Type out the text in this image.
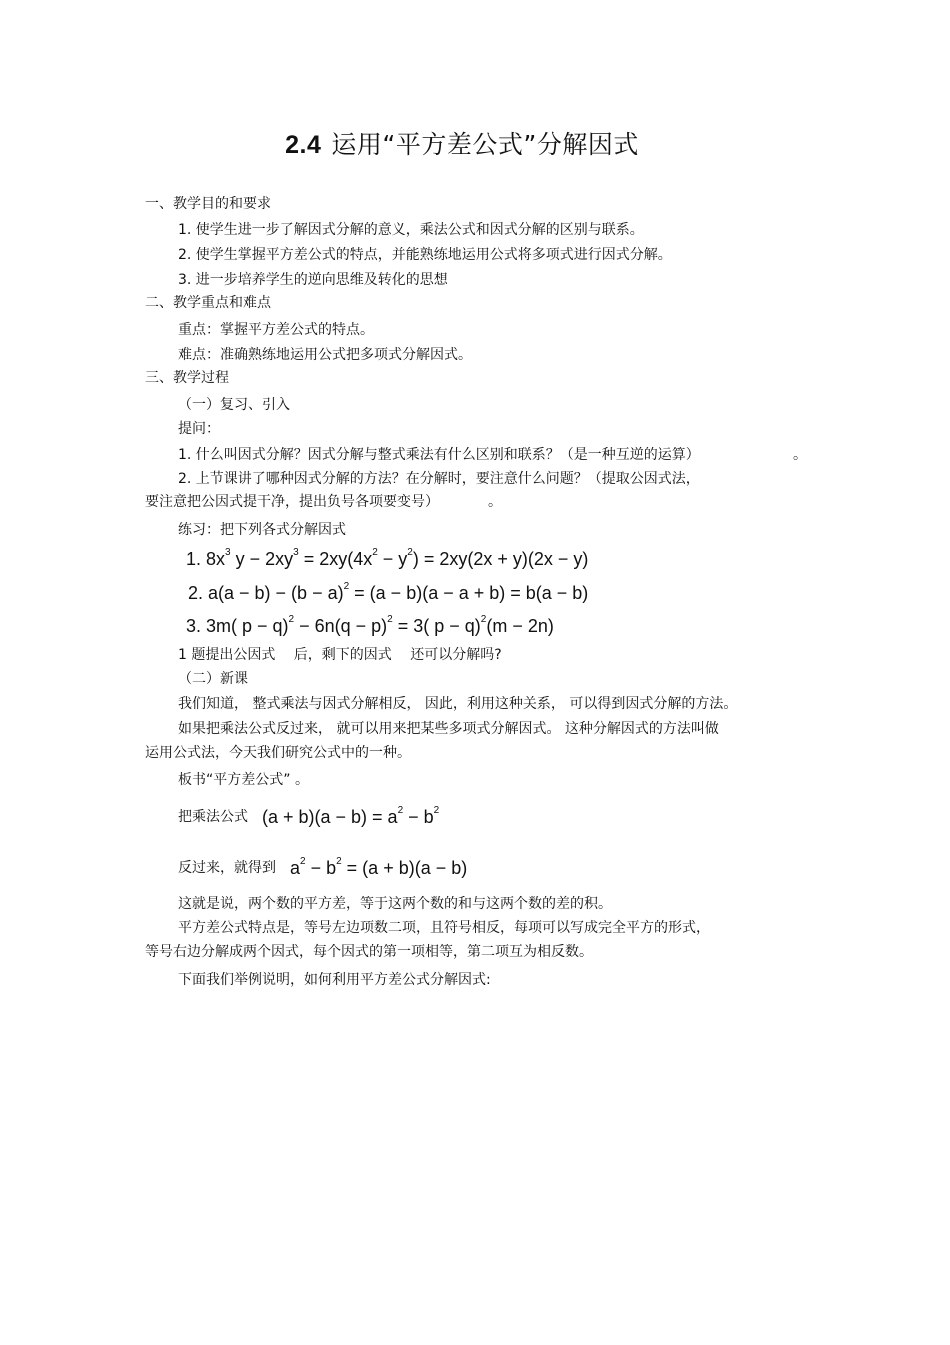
2.4 运用“平方差公式”分解因式
一、教学目的和要求
1. 使学生进一步了解因式分解的意义，乘法公式和因式分解的区别与联系。
2. 使学生掌握平方差公式的特点，并能熟练地运用公式将多项式进行因式分解。
3. 进一步培养学生的逆向思维及转化的思想
二、教学重点和难点
重点：掌握平方差公式的特点。
难点：准确熟练地运用公式把多项式分解因式。
三、教学过程
（一）复习、引入
提问：
1. 什么叫因式分解？因式分解与整式乘法有什么区别和联系？（是一种互逆的运算）	。
2. 上节课讲了哪种因式分解的方法？在分解时，要注意什么问题？（提取公因式法，
要注意把公因式提干净，提出负号各项要变号）	。
练习：把下列各式分解因式
1. $8x^3$ $y - 2xy^3 = 2xy(4x^2 - y^2) = 2xy(2x + y)(2x - y)$
2. $a(a - b) - (b - a)^2 = (a - b)(a - a + b) = b(a - b)$
3. 3m( $p - q)^2 - 6n(q - p)^2 = 3$( p − q)$^2$(m − 2n)
1 题提出公因式　 后，剩下的因式　 还可以分解吗?
（二）新课
我们知道， 整式乘法与因式分解相反， 因此，利用这种关系， 可以得到因式分解的方法。
如果把乘法公式反过来， 就可以用来把某些多项式分解因式。 这种分解因式的方法叫做
运用公式法，今天我们研究公式中的一种。
板书“平方差公式” 。
把乘法公式 $(a + b)(a - b) = a^2 - b^2$
反过来，就得到 $a^2 - b^2 = (a + b)(a - b)$
这就是说，两个数的平方差，等于这两个数的和与这两个数的差的积。
平方差公式特点是，等号左边项数二项，且符号相反，每项可以写成完全平方的形式，
等号右边分解成两个因式，每个因式的第一项相等，第二项互为相反数。
下面我们举例说明，如何利用平方差公式分解因式:
